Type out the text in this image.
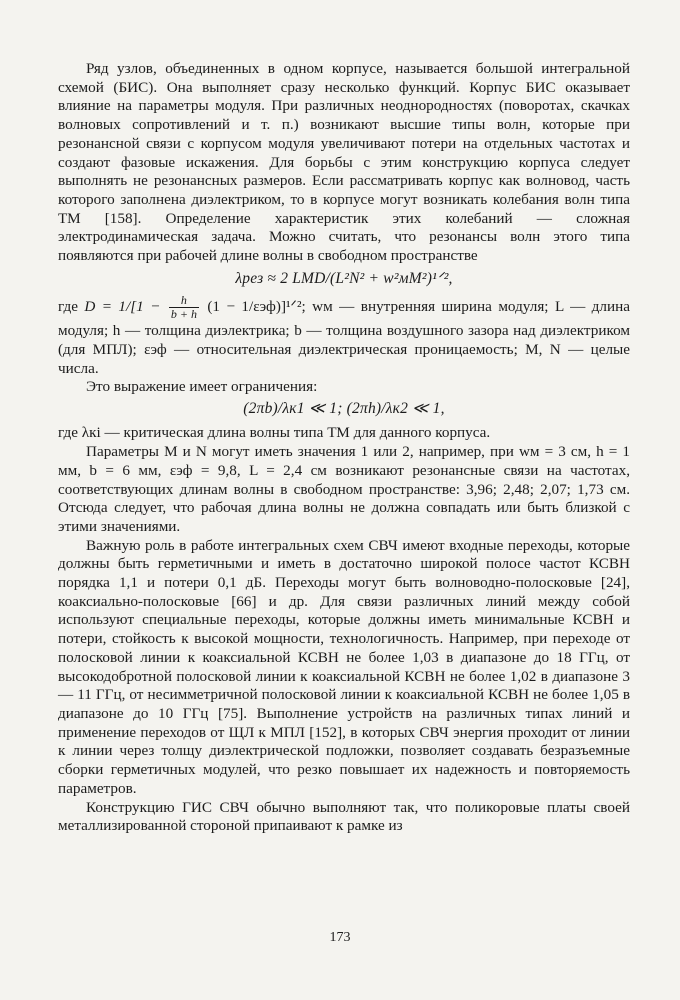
Ряд узлов, объединенных в одном корпусе, называется большой интегральной схемой (БИС). Она выполняет сразу несколько функций. Корпус БИС оказывает влияние на параметры модуля. При различных неоднородностях (поворотах, скачках волновых сопротивлений и т. п.) возникают высшие типы волн, которые при резонансной связи с корпусом модуля увеличивают потери на отдельных частотах и создают фазовые искажения. Для борьбы с этим конструкцию корпуса следует выполнять не резонансных размеров. Если рассматривать корпус как волновод, часть которого заполнена диэлектриком, то в корпусе могут возникать колебания волн типа ТМ [158]. Определение характеристик этих колебаний — сложная электродинамическая задача. Можно считать, что резонансы волн этого типа появляются при рабочей длине волны в свободном пространстве

λрез ≈ 2 LMD/(L²N² + w²мM²)¹ᐟ²,

где $D = 1/[1 - \frac{h}{b + h} (1$ − 1/εэф)]¹ᐟ²; wм — внутренняя ширина модуля; L — длина модуля; h — толщина диэлектрика; b — толщина воздушного зазора над диэлектриком (для МПЛ); εэф — относительная диэлектрическая проницаемость; M, N — целые числа.

Это выражение имеет ограничения:

(2πb)/λк1 ≪ 1; (2πh)/λк2 ≪ 1,

где λкi — критическая длина волны типа ТМ для данного корпуса.

Параметры M и N могут иметь значения 1 или 2, например, при wм = 3 см, h = 1 мм, b = 6 мм, εэф = 9,8, L = 2,4 см возникают резонансные связи на частотах, соответствующих длинам волны в свободном пространстве: 3,96; 2,48; 2,07; 1,73 см. Отсюда следует, что рабочая длина волны не должна совпадать или быть близкой с этими значениями.

Важную роль в работе интегральных схем СВЧ имеют входные переходы, которые должны быть герметичными и иметь в достаточно широкой полосе частот КСВН порядка 1,1 и потери 0,1 дБ. Переходы могут быть волноводно-полосковые [24], коаксиально-полосковые [66] и др. Для связи различных линий между собой используют специальные переходы, которые должны иметь минимальные КСВН и потери, стойкость к высокой мощности, технологичность. Например, при переходе от полосковой линии к коаксиальной КСВН не более 1,03 в диапазоне до 18 ГГц, от высокодобротной полосковой линии к коаксиальной КСВН не более 1,02 в диапазоне 3 — 11 ГГц, от несимметричной полосковой линии к коаксиальной КСВН не более 1,05 в диапазоне до 10 ГГц [75]. Выполнение устройств на различных типах линий и применение переходов от ЩЛ к МПЛ [152], в которых СВЧ энергия проходит от линии к линии через толщу диэлектрической подложки, позволяет создавать безразъемные сборки герметичных модулей, что резко повышает их надежность и повторяемость параметров.

Конструкцию ГИС СВЧ обычно выполняют так, что поликоровые платы своей металлизированной стороной припаивают к рамке из

173
